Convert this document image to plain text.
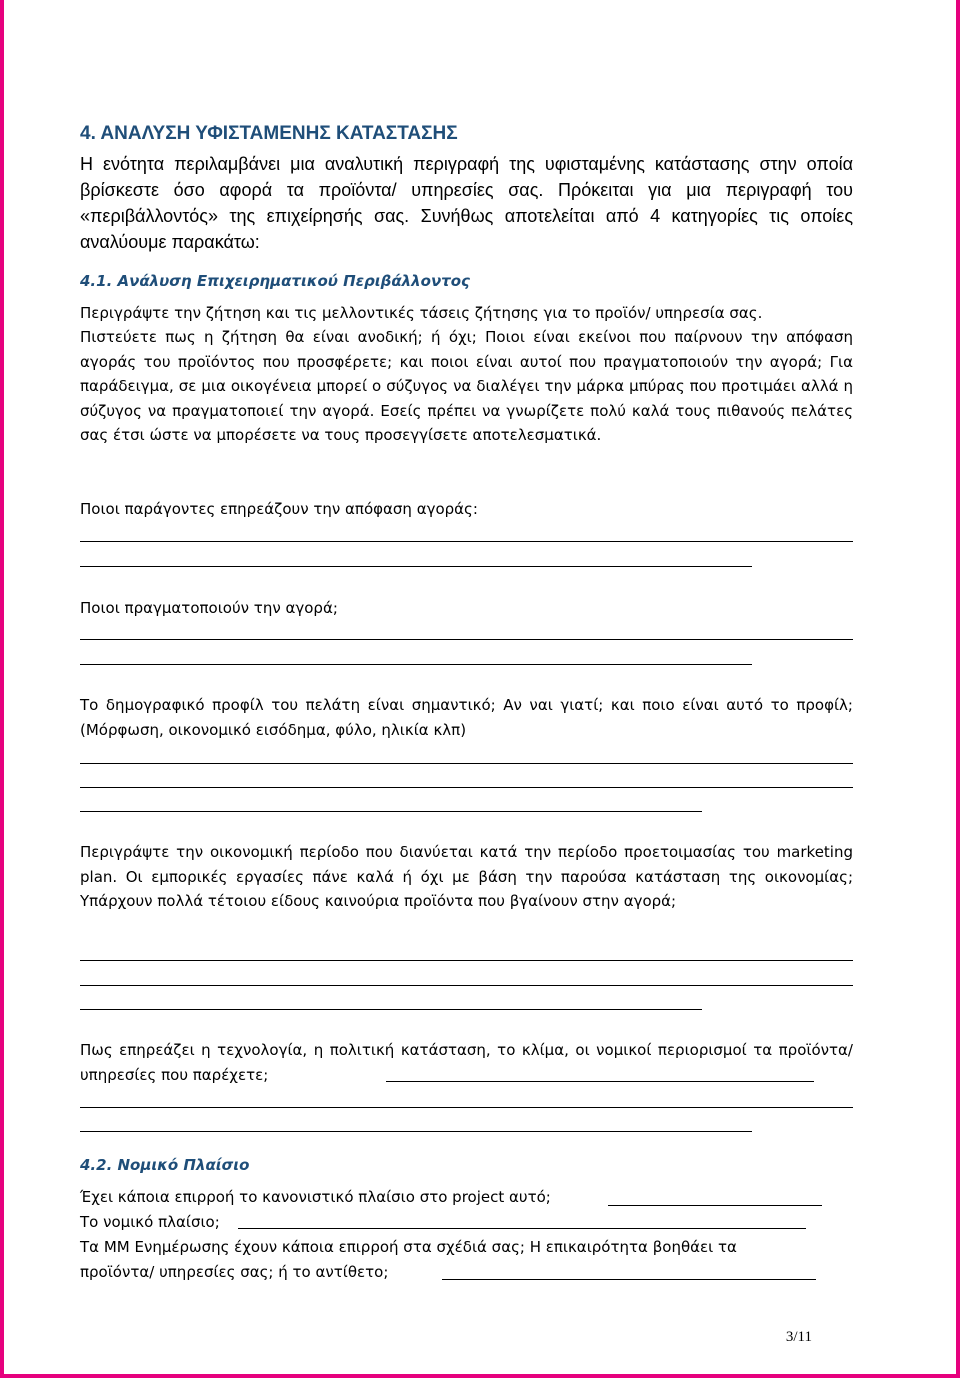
4. ΑΝΑΛΥΣΗ ΥΦΙΣΤΑΜΕΝΗΣ ΚΑΤΑΣΤΑΣΗΣ

Η ενότητα περιλαμβάνει μια αναλυτική περιγραφή της υφισταμένης κατάστασης στην οποία βρίσκεστε όσο αφορά τα προϊόντα/ υπηρεσίες σας. Πρόκειται για μια περιγραφή του «περιβάλλοντός» της επιχείρησής σας. Συνήθως αποτελείται από 4 κατηγορίες τις οποίες αναλύουμε παρακάτω:

4.1. Ανάλυση Επιχειρηματικού Περιβάλλοντος

Περιγράψτε την ζήτηση και τις μελλοντικές τάσεις ζήτησης για το προϊόν/ υπηρεσία σας.

Πιστεύετε πως η ζήτηση θα είναι ανοδική; ή όχι; Ποιοι είναι εκείνοι που παίρνουν την απόφαση αγοράς του προϊόντος που προσφέρετε; και ποιοι είναι αυτοί που πραγματοποιούν την αγορά; Για παράδειγμα, σε μια οικογένεια μπορεί ο σύζυγος να διαλέγει την μάρκα μπύρας που προτιμάει αλλά η σύζυγος να πραγματοποιεί την αγορά. Εσείς πρέπει να γνωρίζετε πολύ καλά τους πιθανούς πελάτες σας έτσι ώστε να μπορέσετε να τους προσεγγίσετε αποτελεσματικά.

Ποιοι παράγοντες επηρεάζουν την απόφαση αγοράς:

Ποιοι πραγματοποιούν την αγορά;

Το δημογραφικό προφίλ του πελάτη είναι σημαντικό; Αν ναι γιατί; και ποιο είναι αυτό το προφίλ; (Μόρφωση, οικονομικό εισόδημα, φύλο, ηλικία κλπ)

Περιγράψτε την οικονομική περίοδο που διανύεται κατά την περίοδο προετοιμασίας του marketing plan. Οι εμπορικές εργασίες πάνε καλά ή όχι με βάση την παρούσα κατάσταση της οικονομίας; Υπάρχουν πολλά τέτοιου είδους καινούρια προϊόντα που βγαίνουν στην αγορά;

Πως επηρεάζει η τεχνολογία, η πολιτική κατάσταση, το κλίμα, οι νομικοί περιορισμοί τα προϊόντα/ υπηρεσίες που παρέχετε;

4.2. Νομικό Πλαίσιο

Έχει κάποια επιρροή το κανονιστικό πλαίσιο στο project αυτό;

Το νομικό πλαίσιο;

Τα ΜΜ Ενημέρωσης έχουν κάποια επιρροή στα σχέδιά σας; Η επικαιρότητα βοηθάει τα

προϊόντα/ υπηρεσίες σας; ή το αντίθετο;

3/11
